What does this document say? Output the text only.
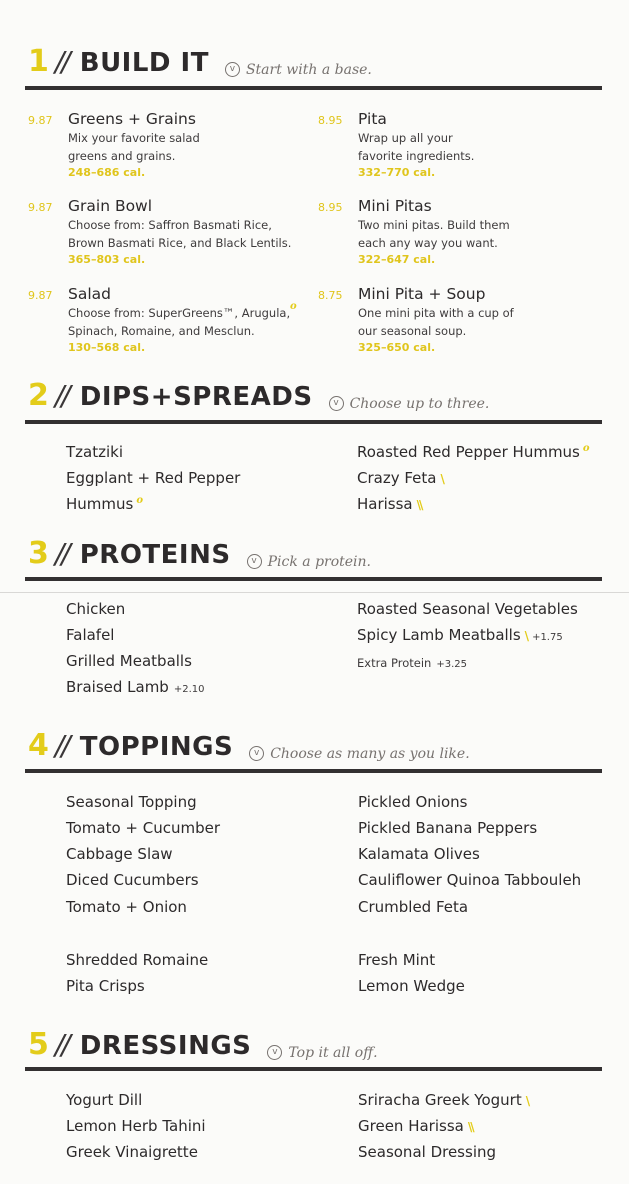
1 // BUILD IT	v Start with a base.
9.87 Greens + Grains
Mix your favorite salad greens and grains.
248–686 cal.
9.87 Grain Bowl
Choose from: Saffron Basmati Rice, Brown Basmati Rice, and Black Lentils.
365–803 cal.
9.87 Salad
Choose from: SuperGreens™, Arugula, Spinach, Romaine, and Mesclun.
o
130–568 cal.
8.95 Pita
Wrap up all your favorite ingredients.
332–770 cal.
8.95 Mini Pitas
Two mini pitas. Build them each any way you want.
322–647 cal.
8.75 Mini Pita + Soup
One mini pita with a cup of our seasonal soup.
325–650 cal.
2 // DIPS+SPREADS	v Choose up to three.
Tzatziki
Eggplant + Red Pepper
Hummus $^o$
Roasted Red Pepper Hummus $^o$
Crazy Feta \
Harissa \\
3 // PROTEINS	v Pick a protein.
Chicken
Falafel
Grilled Meatballs
Braised Lamb +2.10
Roasted Seasonal Vegetables
Spicy Lamb Meatballs \ +1.75
Extra Protein +3.25
4 // TOPPINGS	v Choose as many as you like.
Seasonal Topping
Tomato + Cucumber
Cabbage Slaw
Diced Cucumbers
Tomato + Onion
Shredded Romaine
Pita Crisps
Pickled Onions
Pickled Banana Peppers
Kalamata Olives
Cauliflower Quinoa Tabbouleh
Crumbled Feta
Fresh Mint
Lemon Wedge
5 // DRESSINGS	v Top it all off.
Yogurt Dill
Lemon Herb Tahini
Greek Vinaigrette
Sriracha Greek Yogurt \
Green Harissa \\
Seasonal Dressing
